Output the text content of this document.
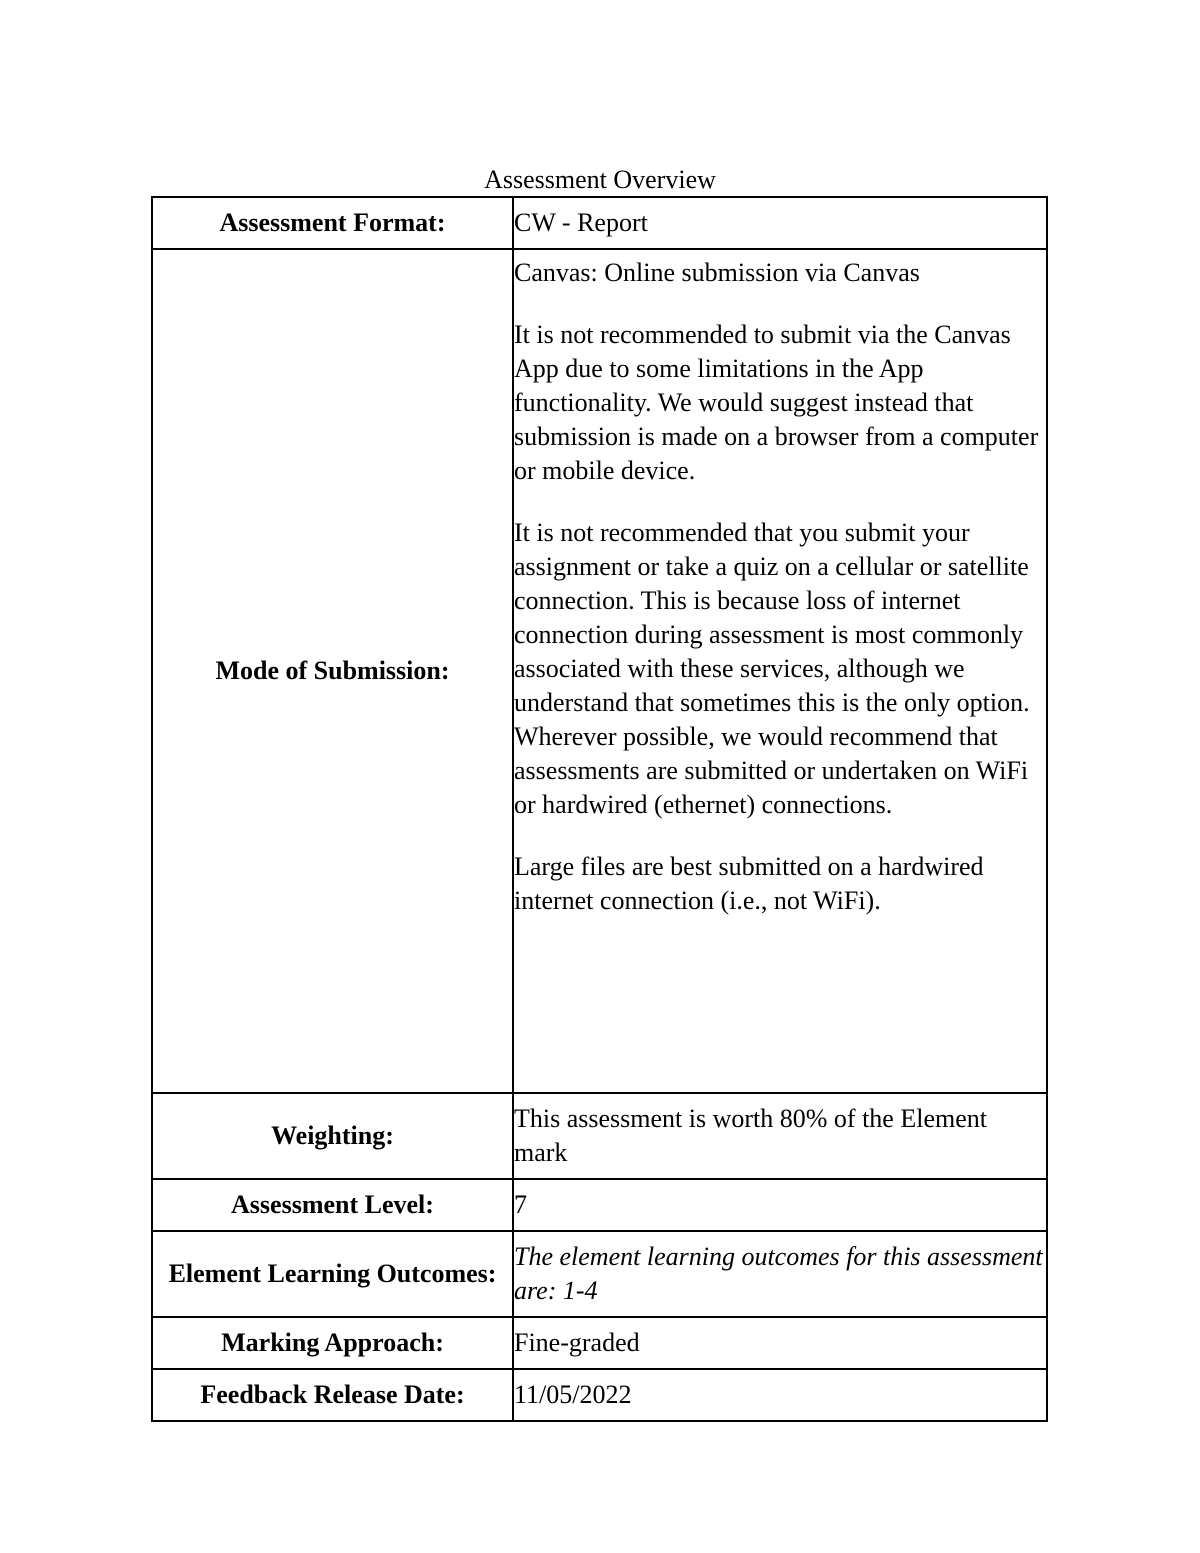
Assessment Overview
Assessment Format:	CW - Report
Mode of Submission:	Canvas: Online submission via Canvas

It is not recommended to submit via the Canvas App due to some limitations in the App functionality. We would suggest instead that submission is made on a browser from a computer or mobile device.

It is not recommended that you submit your assignment or take a quiz on a cellular or satellite connection. This is because loss of internet connection during assessment is most commonly associated with these services, although we understand that sometimes this is the only option. Wherever possible, we would recommend that assessments are submitted or undertaken on WiFi or hardwired (ethernet) connections.

Large files are best submitted on a hardwired internet connection (i.e., not WiFi).

Weighting:	This assessment is worth 80% of the Element mark
Assessment Level:	7
Element Learning Outcomes:	The element learning outcomes for this assessment are: 1-4
Marking Approach:	Fine-graded
Feedback Release Date:	11/05/2022
